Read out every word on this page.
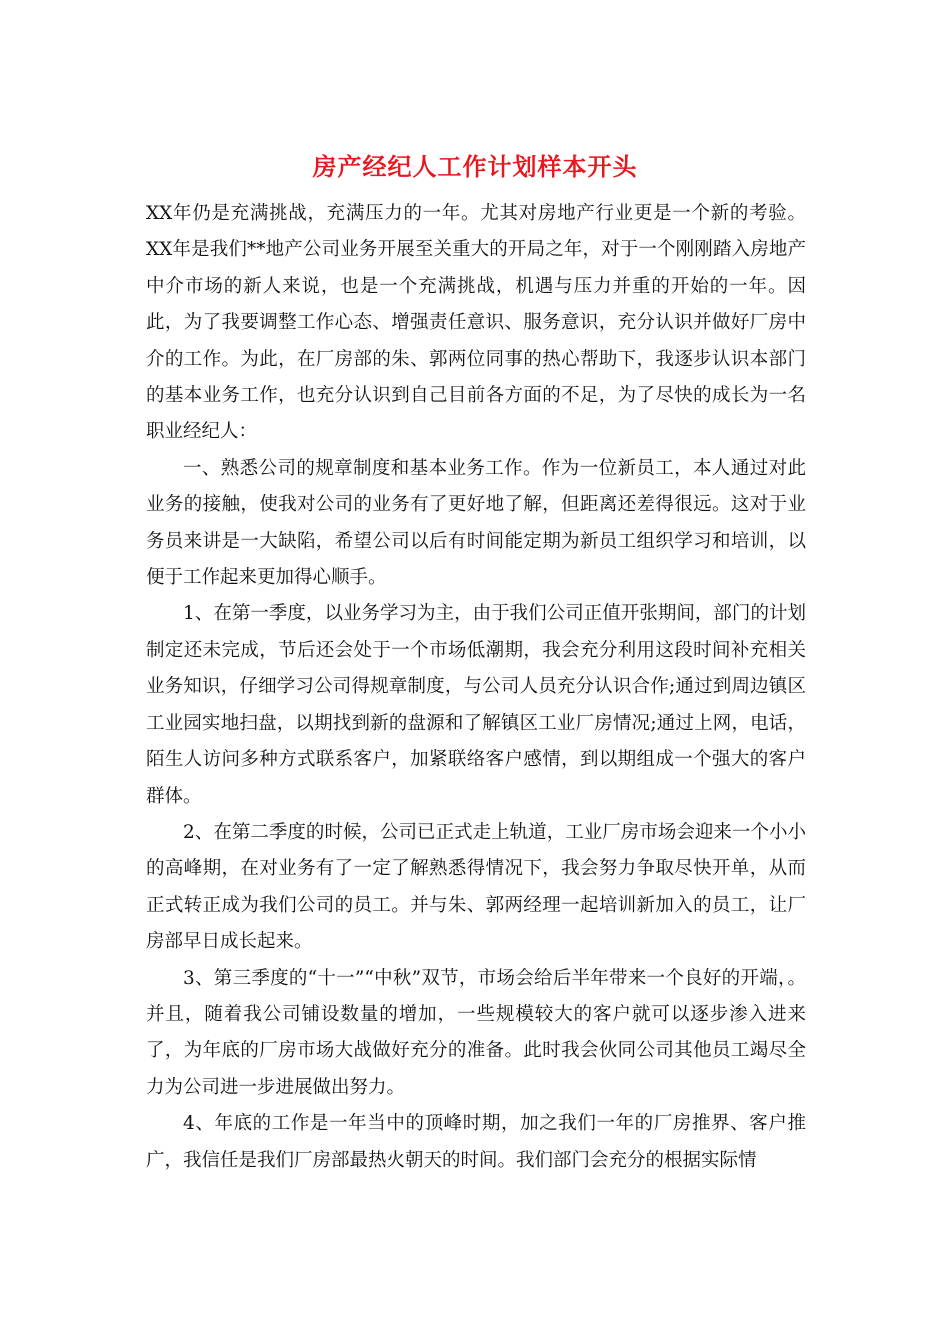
房产经纪人工作计划样本开头

XX年仍是充满挑战，充满压力的一年。尤其对房地产行业更是一个新的考验。XX年是我们**地产公司业务开展至关重大的开局之年，对于一个刚刚踏入房地产中介市场的新人来说，也是一个充满挑战，机遇与压力并重的开始的一年。因此，为了我要调整工作心态、增强责任意识、服务意识，充分认识并做好厂房中介的工作。为此，在厂房部的朱、郭两位同事的热心帮助下，我逐步认识本部门的基本业务工作，也充分认识到自己目前各方面的不足，为了尽快的成长为一名职业经纪人：

一、熟悉公司的规章制度和基本业务工作。作为一位新员工，本人通过对此业务的接触，使我对公司的业务有了更好地了解，但距离还差得很远。这对于业务员来讲是一大缺陷，希望公司以后有时间能定期为新员工组织学习和培训，以便于工作起来更加得心顺手。

1、在第一季度，以业务学习为主，由于我们公司正值开张期间，部门的计划制定还未完成，节后还会处于一个市场低潮期，我会充分利用这段时间补充相关业务知识，仔细学习公司得规章制度，与公司人员充分认识合作;通过到周边镇区工业园实地扫盘，以期找到新的盘源和了解镇区工业厂房情况;通过上网，电话，陌生人访问多种方式联系客户，加紧联络客户感情，到以期组成一个强大的客户群体。

2、在第二季度的时候，公司已正式走上轨道，工业厂房市场会迎来一个小小的高峰期，在对业务有了一定了解熟悉得情况下，我会努力争取尽快开单，从而正式转正成为我们公司的员工。并与朱、郭两经理一起培训新加入的员工，让厂房部早日成长起来。

3、第三季度的“十一”“中秋”双节，市场会给后半年带来一个良好的开端，。并且，随着我公司铺设数量的增加，一些规模较大的客户就可以逐步渗入进来了，为年底的厂房市场大战做好充分的准备。此时我会伙同公司其他员工竭尽全力为公司进一步进展做出努力。

4、年底的工作是一年当中的顶峰时期，加之我们一年的厂房推界、客户推广，我信任是我们厂房部最热火朝天的时间。我们部门会充分的根据实际情
